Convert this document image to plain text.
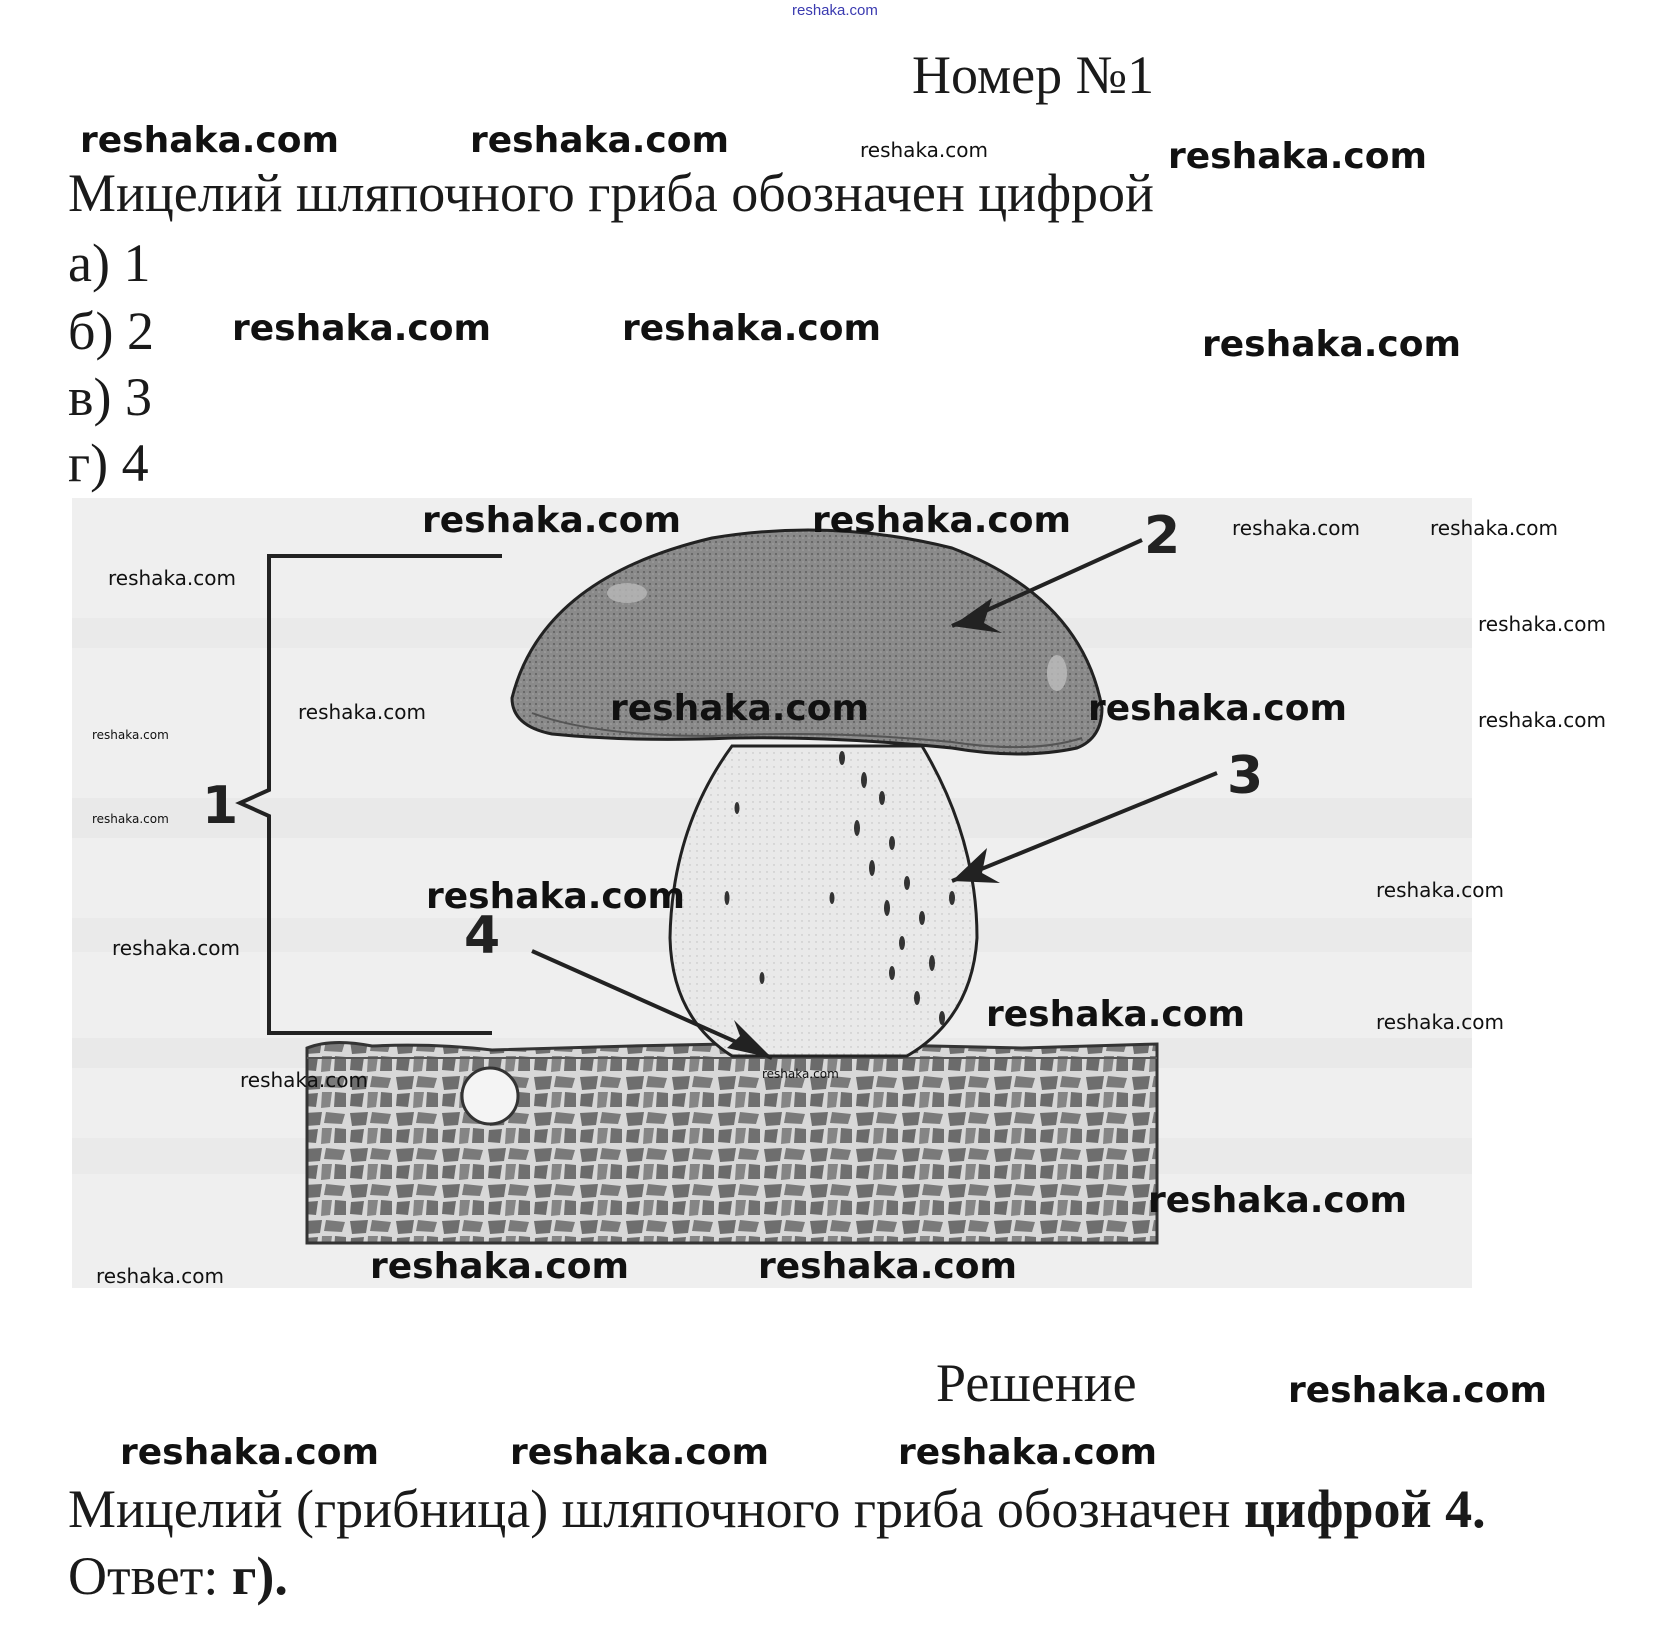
reshaka.com
Номер №1
Мицелий шляпочного гриба обозначен цифрой
а) 1
б) 2
в) 3
г) 4
1
2
3
4
Решение
Мицелий (грибница) шляпочного гриба обозначен цифрой 4.
Ответ: г).
reshaka.com	reshaka.com	reshaka.com	reshaka.com
reshaka.com	reshaka.com	reshaka.com
reshaka.com	reshaka.com	reshaka.com	reshaka.com
reshaka.com
reshaka.com
reshaka.com	reshaka.com	reshaka.com	reshaka.com
reshaka.com
reshaka.com
reshaka.com	reshaka.com
reshaka.com
reshaka.com	reshaka.com
reshaka.com	reshaka.com
reshaka.com
reshaka.com	reshaka.com	reshaka.com
reshaka.com
reshaka.com	reshaka.com	reshaka.com
